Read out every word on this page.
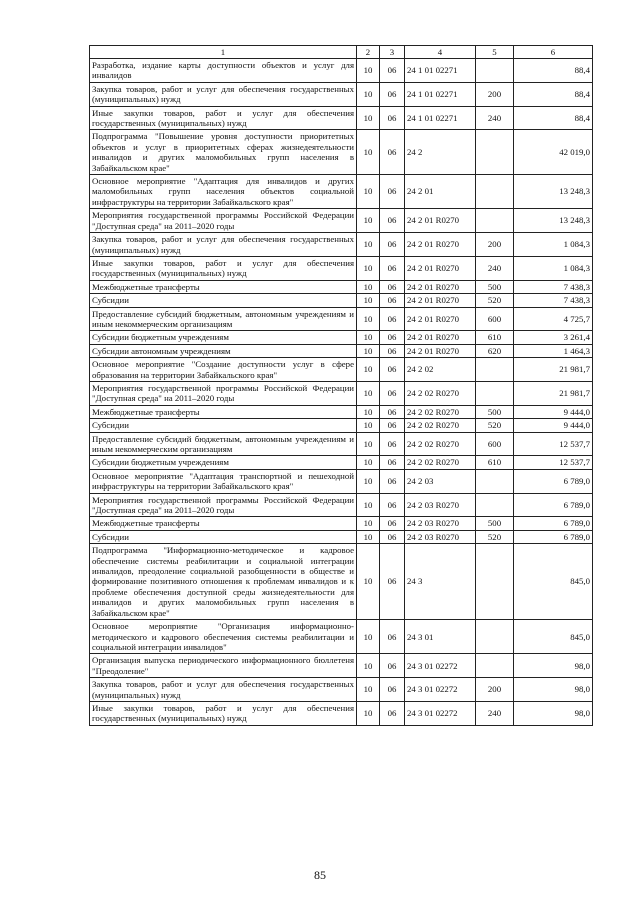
1	2	3	4	5	6
Разработка, издание карты доступности объектов и услуг для инвалидов	10	06	24 1 01 02271		88,4
Закупка товаров, работ и услуг для обеспечения государственных (муниципальных) нужд	10	06	24 1 01 02271	200	88,4
Иные закупки товаров, работ и услуг для обеспечения государственных (муниципальных) нужд	10	06	24 1 01 02271	240	88,4
Подпрограмма "Повышение уровня доступности приоритетных объектов и услуг в приоритетных сферах жизнедеятельности инвалидов и других маломобильных групп населения в Забайкальском крае"	10	06	24 2		42 019,0
Основное мероприятие "Адаптация для инвалидов и других маломобильных групп населения объектов социальной инфраструктуры на территории Забайкальского края"	10	06	24 2 01		13 248,3
Мероприятия государственной программы Российской Федерации "Доступная среда" на 2011–2020 годы	10	06	24 2 01 R0270		13 248,3
Закупка товаров, работ и услуг для обеспечения государственных (муниципальных) нужд	10	06	24 2 01 R0270	200	1 084,3
Иные закупки товаров, работ и услуг для обеспечения государственных (муниципальных) нужд	10	06	24 2 01 R0270	240	1 084,3
Межбюджетные трансферты	10	06	24 2 01 R0270	500	7 438,3
Субсидии	10	06	24 2 01 R0270	520	7 438,3
Предоставление субсидий бюджетным, автономным учреждениям и иным некоммерческим организациям	10	06	24 2 01 R0270	600	4 725,7
Субсидии бюджетным учреждениям	10	06	24 2 01 R0270	610	3 261,4
Субсидии автономным учреждениям	10	06	24 2 01 R0270	620	1 464,3
Основное мероприятие "Создание доступности услуг в сфере образования на территории Забайкальского края"	10	06	24 2 02		21 981,7
Мероприятия государственной программы Российской Федерации "Доступная среда" на 2011–2020 годы	10	06	24 2 02 R0270		21 981,7
Межбюджетные трансферты	10	06	24 2 02 R0270	500	9 444,0
Субсидии	10	06	24 2 02 R0270	520	9 444,0
Предоставление субсидий бюджетным, автономным учреждениям и иным некоммерческим организациям	10	06	24 2 02 R0270	600	12 537,7
Субсидии бюджетным учреждениям	10	06	24 2 02 R0270	610	12 537,7
Основное мероприятие "Адаптация транспортной и пешеходной инфраструктуры на территории Забайкальского края"	10	06	24 2 03		6 789,0
Мероприятия государственной программы Российской Федерации "Доступная среда" на 2011–2020 годы	10	06	24 2 03 R0270		6 789,0
Межбюджетные трансферты	10	06	24 2 03 R0270	500	6 789,0
Субсидии	10	06	24 2 03 R0270	520	6 789,0
Подпрограмма "Информационно-методическое и кадровое обеспечение системы реабилитации и социальной интеграции инвалидов, преодоление социальной разобщенности в обществе и формирование позитивного отношения к проблемам инвалидов и к проблеме обеспечения доступной среды жизнедеятельности для инвалидов и других маломобильных групп населения в Забайкальском крае"	10	06	24 3		845,0
Основное мероприятие "Организация информационно-методического и кадрового обеспечения системы реабилитации и социальной интеграции инвалидов"	10	06	24 3 01		845,0
Организация выпуска периодического информационного бюллетеня "Преодоление"	10	06	24 3 01 02272		98,0
Закупка товаров, работ и услуг для обеспечения государственных (муниципальных) нужд	10	06	24 3 01 02272	200	98,0
Иные закупки товаров, работ и услуг для обеспечения государственных (муниципальных) нужд	10	06	24 3 01 02272	240	98,0
85
